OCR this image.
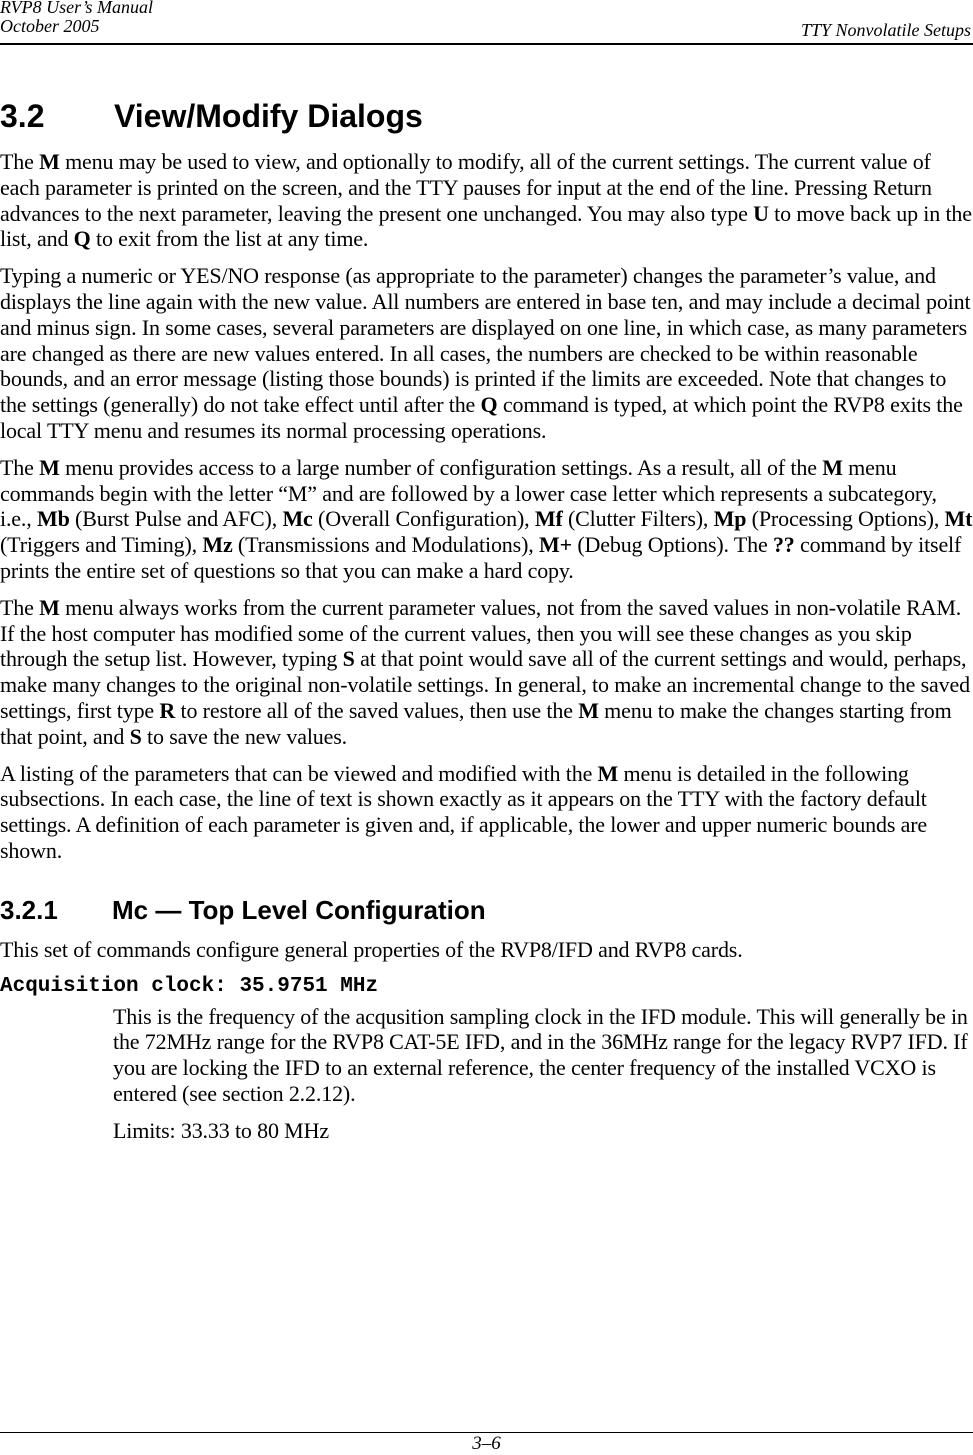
RVP8 User’s Manual
October 2005	TTY Nonvolatile Setups
3.2 View/Modify Dialogs

The M menu may be used to view, and optionally to modify, all of the current settings. The current value of each parameter is printed on the screen, and the TTY pauses for input at the end of the line. Pressing Return advances to the next parameter, leaving the present one unchanged. You may also type U to move back up in the list, and Q to exit from the list at any time.

Typing a numeric or YES/NO response (as appropriate to the parameter) changes the parameter’s value, and displays the line again with the new value. All numbers are entered in base ten, and may include a decimal point and minus sign. In some cases, several parameters are displayed on one line, in which case, as many parameters are changed as there are new values entered. In all cases, the numbers are checked to be within reasonable bounds, and an error message (listing those bounds) is printed if the limits are exceeded. Note that changes to the settings (generally) do not take effect until after the Q command is typed, at which point the RVP8 exits the local TTY menu and resumes its normal processing operations.

The M menu provides access to a large number of configuration settings. As a result, all of the M menu commands begin with the letter “M” and are followed by a lower case letter which represents a subcategory, i.e., Mb (Burst Pulse and AFC), Mc (Overall Configuration), Mf (Clutter Filters), Mp (Processing Options), Mt (Triggers and Timing), Mz (Transmissions and Modulations), M+ (Debug Options). The ?? command by itself prints the entire set of questions so that you can make a hard copy.

The M menu always works from the current parameter values, not from the saved values in non-volatile RAM. If the host computer has modified some of the current values, then you will see these changes as you skip through the setup list. However, typing S at that point would save all of the current settings and would, perhaps, make many changes to the original non-volatile settings. In general, to make an incremental change to the saved settings, first type R to restore all of the saved values, then use the M menu to make the changes starting from that point, and S to save the new values.

A listing of the parameters that can be viewed and modified with the M menu is detailed in the following subsections. In each case, the line of text is shown exactly as it appears on the TTY with the factory default settings. A definition of each parameter is given and, if applicable, the lower and upper numeric bounds are shown.

3.2.1 Mc — Top Level Configuration

This set of commands configure general properties of the RVP8/IFD and RVP8 cards.

Acquisition clock: 35.9751 MHz

This is the frequency of the acqusition sampling clock in the IFD module. This will generally be in the 72MHz range for the RVP8 CAT-5E IFD, and in the 36MHz range for the legacy RVP7 IFD. If you are locking the IFD to an external reference, the center frequency of the installed VCXO is entered (see section 2.2.12).

Limits: 33.33 to 80 MHz

3–6
